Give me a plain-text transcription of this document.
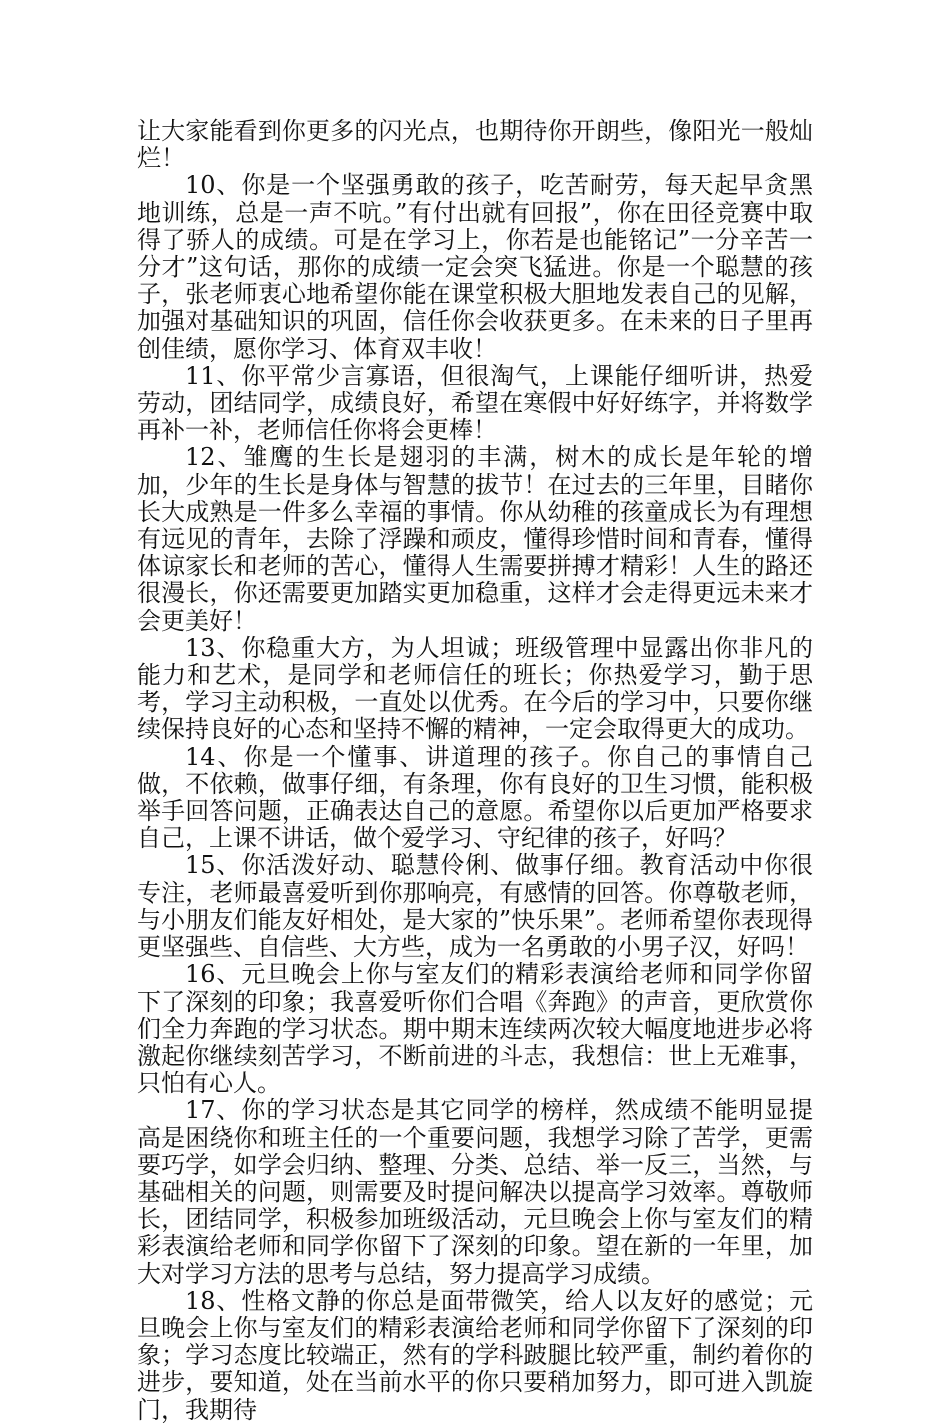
让大家能看到你更多的闪光点，也期待你开朗些，像阳光一般灿烂！

10、你是一个坚强勇敢的孩子，吃苦耐劳，每天起早贪黑地训练，总是一声不吭。”有付出就有回报”，你在田径竞赛中取得了骄人的成绩。可是在学习上，你若是也能铭记”一分辛苦一分才”这句话，那你的成绩一定会突飞猛进。你是一个聪慧的孩子，张老师衷心地希望你能在课堂积极大胆地发表自己的见解，加强对基础知识的巩固，信任你会收获更多。在未来的日子里再创佳绩，愿你学习、体育双丰收！

11、你平常少言寡语，但很淘气，上课能仔细听讲，热爱劳动，团结同学，成绩良好，希望在寒假中好好练字，并将数学再补一补，老师信任你将会更棒！

12、雏鹰的生长是翅羽的丰满，树木的成长是年轮的增加，少年的生长是身体与智慧的拔节！在过去的三年里，目睹你长大成熟是一件多么幸福的事情。你从幼稚的孩童成长为有理想有远见的青年，去除了浮躁和顽皮，懂得珍惜时间和青春，懂得体谅家长和老师的苦心，懂得人生需要拼搏才精彩！人生的路还很漫长，你还需要更加踏实更加稳重，这样才会走得更远未来才会更美好！

13、你稳重大方，为人坦诚；班级管理中显露出你非凡的能力和艺术，是同学和老师信任的班长；你热爱学习，勤于思考，学习主动积极，一直处以优秀。在今后的学习中，只要你继续保持良好的心态和坚持不懈的精神，一定会取得更大的成功。

14、你是一个懂事、讲道理的孩子。你自己的事情自己做，不依赖，做事仔细，有条理，你有良好的卫生习惯，能积极举手回答问题，正确表达自己的意愿。希望你以后更加严格要求自己，上课不讲话，做个爱学习、守纪律的孩子，好吗？

15、你活泼好动、聪慧伶俐、做事仔细。教育活动中你很专注，老师最喜爱听到你那响亮，有感情的回答。你尊敬老师，与小朋友们能友好相处，是大家的”快乐果”。老师希望你表现得更坚强些、自信些、大方些，成为一名勇敢的小男子汉，好吗！

16、元旦晚会上你与室友们的精彩表演给老师和同学你留下了深刻的印象；我喜爱听你们合唱《奔跑》的声音，更欣赏你们全力奔跑的学习状态。期中期末连续两次较大幅度地进步必将激起你继续刻苦学习，不断前进的斗志，我想信：世上无难事，只怕有心人。

17、你的学习状态是其它同学的榜样，然成绩不能明显提高是困绕你和班主任的一个重要问题，我想学习除了苦学，更需要巧学，如学会归纳、整理、分类、总结、举一反三，当然，与基础相关的问题，则需要及时提问解决以提高学习效率。尊敬师长，团结同学，积极参加班级活动，元旦晚会上你与室友们的精彩表演给老师和同学你留下了深刻的印象。望在新的一年里，加大对学习方法的思考与总结，努力提高学习成绩。

18、性格文静的你总是面带微笑，给人以友好的感觉；元旦晚会上你与室友们的精彩表演给老师和同学你留下了深刻的印象；学习态度比较端正，然有的学科跛腿比较严重，制约着你的进步，要知道，处在当前水平的你只要稍加努力，即可进入凯旋门，我期待
